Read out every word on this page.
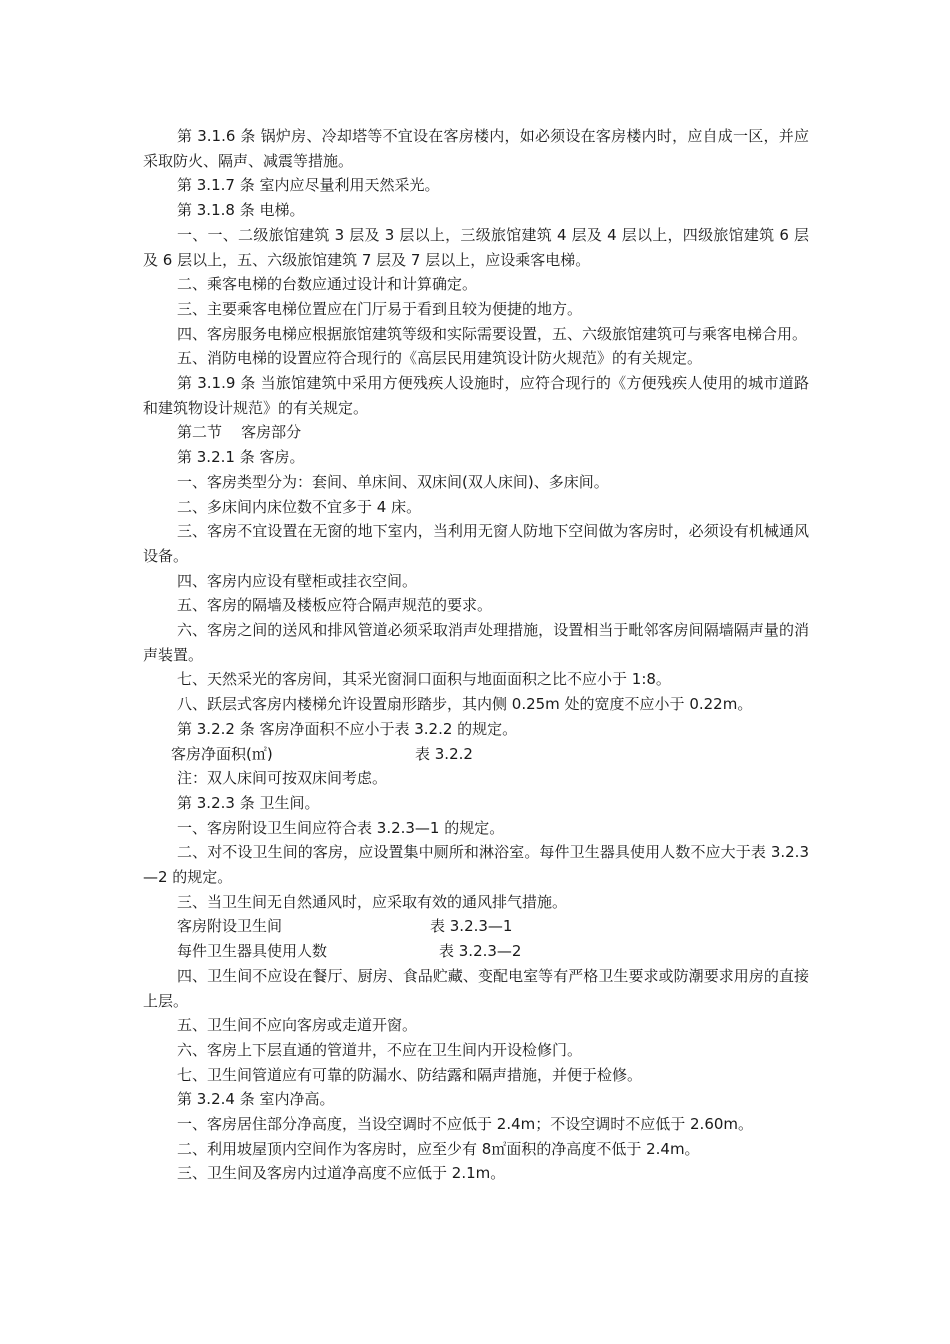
第 3.1.6 条 锅炉房、冷却塔等不宜设在客房楼内，如必须设在客房楼内时，应自成一区，并应采取防火、隔声、减震等措施。

第 3.1.7 条 室内应尽量利用天然采光。

第 3.1.8 条 电梯。

一、一、二级旅馆建筑 3 层及 3 层以上，三级旅馆建筑 4 层及 4 层以上，四级旅馆建筑 6 层及 6 层以上，五、六级旅馆建筑 7 层及 7 层以上，应设乘客电梯。

二、乘客电梯的台数应通过设计和计算确定。

三、主要乘客电梯位置应在门厅易于看到且较为便捷的地方。

四、客房服务电梯应根据旅馆建筑等级和实际需要设置，五、六级旅馆建筑可与乘客电梯合用。

五、消防电梯的设置应符合现行的《高层民用建筑设计防火规范》的有关规定。

第 3.1.9 条 当旅馆建筑中采用方便残疾人设施时，应符合现行的《方便残疾人使用的城市道路和建筑物设计规范》的有关规定。

第二节    客房部分

第 3.2.1 条 客房。

一、客房类型分为：套间、单床间、双床间(双人床间)、多床间。

二、多床间内床位数不宜多于 4 床。

三、客房不宜设置在无窗的地下室内，当利用无窗人防地下空间做为客房时，必须设有机械通风设备。

四、客房内应设有壁柜或挂衣空间。

五、客房的隔墙及楼板应符合隔声规范的要求。

六、客房之间的送风和排风管道必须采取消声处理措施，设置相当于毗邻客房间隔墙隔声量的消声装置。

七、天然采光的客房间，其采光窗洞口面积与地面面积之比不应小于 1:8。

八、跃层式客房内楼梯允许设置扇形踏步，其内侧 0.25m 处的宽度不应小于 0.22m。

第 3.2.2 条 客房净面积不应小于表 3.2.2 的规定。

客房净面积(㎡)	表 3.2.2

注：双人床间可按双床间考虑。

第 3.2.3 条 卫生间。

一、客房附设卫生间应符合表 3.2.3—1 的规定。

二、对不设卫生间的客房，应设置集中厕所和淋浴室。每件卫生器具使用人数不应大于表 3.2.3—2 的规定。

三、当卫生间无自然通风时，应采取有效的通风排气措施。

客房附设卫生间	表 3.2.3—1
每件卫生器具使用人数	表 3.2.3—2

四、卫生间不应设在餐厅、厨房、食品贮藏、变配电室等有严格卫生要求或防潮要求用房的直接上层。

五、卫生间不应向客房或走道开窗。

六、客房上下层直通的管道井，不应在卫生间内开设检修门。

七、卫生间管道应有可靠的防漏水、防结露和隔声措施，并便于检修。

第 3.2.4 条 室内净高。

一、客房居住部分净高度，当设空调时不应低于 2.4m；不设空调时不应低于 2.60m。

二、利用坡屋顶内空间作为客房时，应至少有 8㎡面积的净高度不低于 2.4m。

三、卫生间及客房内过道净高度不应低于 2.1m。
